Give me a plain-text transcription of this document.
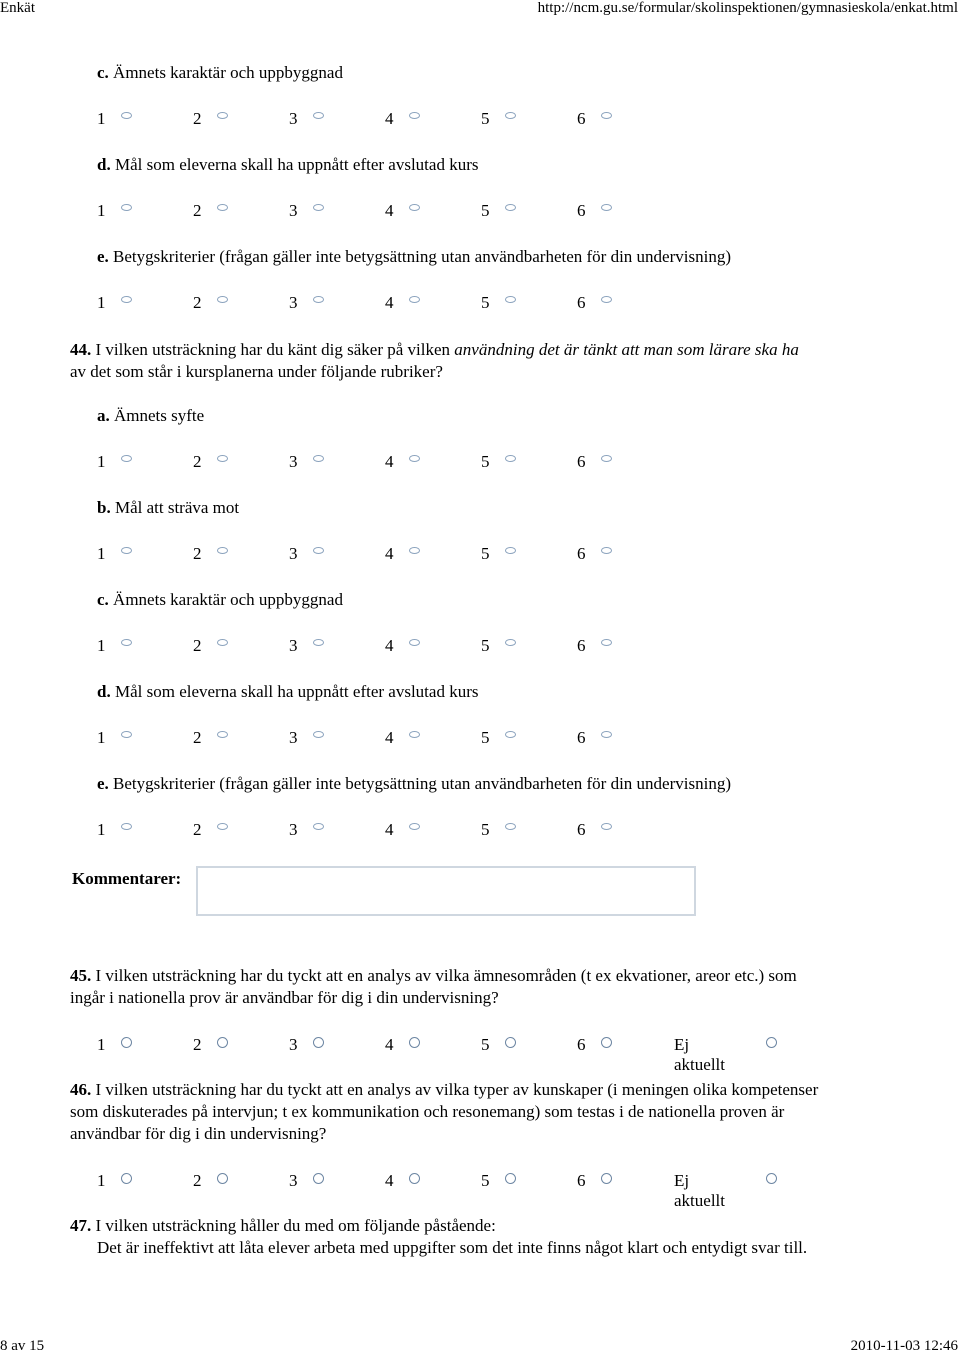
Enkät	http://ncm.gu.se/formular/skolinspektionen/gymnasieskola/enkat.html
c. Ämnets karaktär och uppbyggnad
1	2	3	4	5	6
d. Mål som eleverna skall ha uppnått efter avslutad kurs
1	2	3	4	5	6
e. Betygskriterier (frågan gäller inte betygsättning utan användbarheten för din undervisning)
1	2	3	4	5	6
44. I vilken utsträckning har du känt dig säker på vilken användning det är tänkt att man som lärare ska ha
av det som står i kursplanerna under följande rubriker?
a. Ämnets syfte
1	2	3	4	5	6
b. Mål att sträva mot
1	2	3	4	5	6
c. Ämnets karaktär och uppbyggnad
1	2	3	4	5	6
d. Mål som eleverna skall ha uppnått efter avslutad kurs
1	2	3	4	5	6
e. Betygskriterier (frågan gäller inte betygsättning utan användbarheten för din undervisning)
1	2	3	4	5	6
Kommentarer:
45. I vilken utsträckning har du tyckt att en analys av vilka ämnesområden (t ex ekvationer, areor etc.) som
ingår i nationella prov är användbar för dig i din undervisning?
1	2	3	4	5	6	Ej aktuellt
46. I vilken utsträckning har du tyckt att en analys av vilka typer av kunskaper (i meningen olika kompetenser
som diskuterades på intervjun; t ex kommunikation och resonemang) som testas i de nationella proven är
användbar för dig i din undervisning?
1	2	3	4	5	6	Ej aktuellt
47. I vilken utsträckning håller du med om följande påstående:
Det är ineffektivt att låta elever arbeta med uppgifter som det inte finns något klart och entydigt svar till.
8 av 15	2010-11-03 12:46
